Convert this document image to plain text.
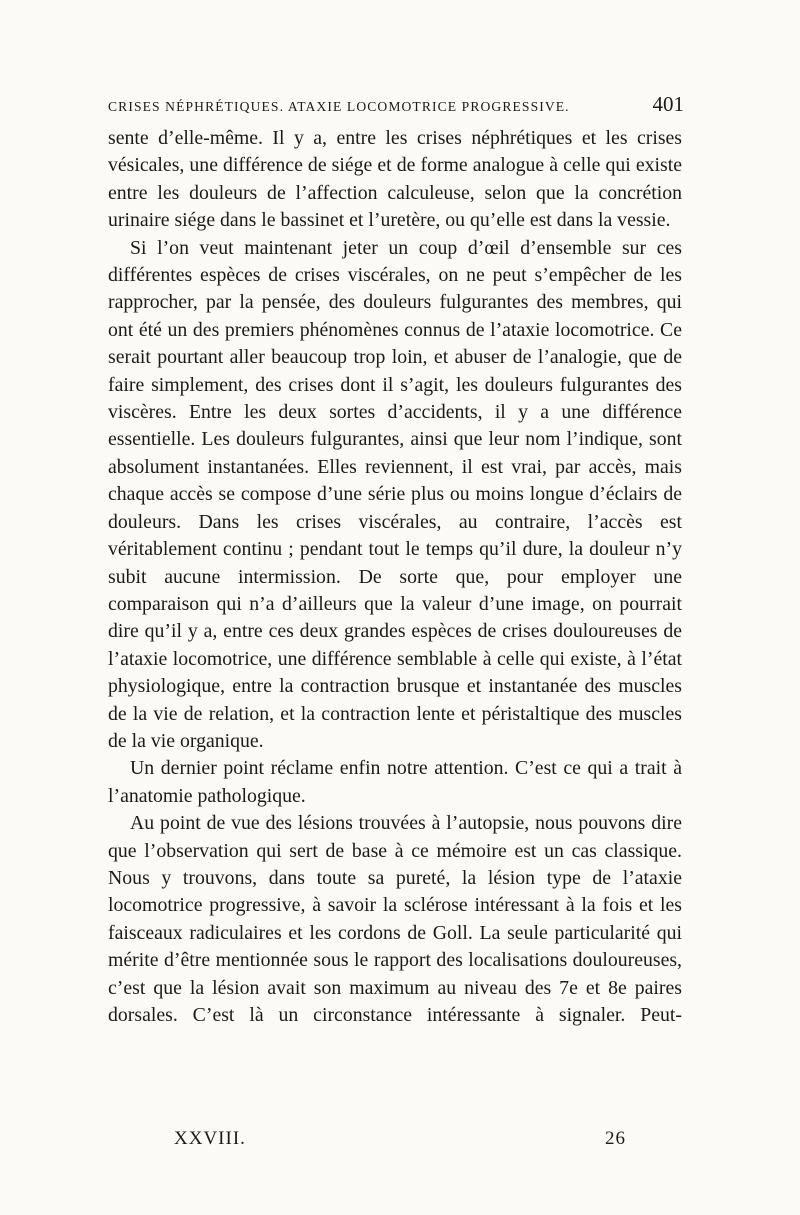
CRISES NÉPHRÉTIQUES. ATAXIE LOCOMOTRICE PROGRESSIVE.	401

sente d’elle-même. Il y a, entre les crises néphrétiques et les crises vésicales, une différence de siége et de forme analogue à celle qui existe entre les douleurs de l’affection calculeuse, selon que la concrétion urinaire siége dans le bassinet et l’uretère, ou qu’elle est dans la vessie.

Si l’on veut maintenant jeter un coup d’œil d’ensemble sur ces différentes espèces de crises viscérales, on ne peut s’empêcher de les rapprocher, par la pensée, des douleurs fulgurantes des membres, qui ont été un des premiers phénomènes connus de l’ataxie locomotrice. Ce serait pourtant aller beaucoup trop loin, et abuser de l’analogie, que de faire simplement, des crises dont il s’agit, les douleurs fulgurantes des viscères. Entre les deux sortes d’accidents, il y a une différence essentielle. Les douleurs fulgurantes, ainsi que leur nom l’indique, sont absolument instantanées. Elles reviennent, il est vrai, par accès, mais chaque accès se compose d’une série plus ou moins longue d’éclairs de douleurs. Dans les crises viscérales, au contraire, l’accès est véritablement continu ; pendant tout le temps qu’il dure, la douleur n’y subit aucune intermission. De sorte que, pour employer une comparaison qui n’a d’ailleurs que la valeur d’une image, on pourrait dire qu’il y a, entre ces deux grandes espèces de crises douloureuses de l’ataxie locomotrice, une différence semblable à celle qui existe, à l’état physiologique, entre la contraction brusque et instantanée des muscles de la vie de relation, et la contraction lente et péristaltique des muscles de la vie organique.

Un dernier point réclame enfin notre attention. C’est ce qui a trait à l’anatomie pathologique.

Au point de vue des lésions trouvées à l’autopsie, nous pouvons dire que l’observation qui sert de base à ce mémoire est un cas classique. Nous y trouvons, dans toute sa pureté, la lésion type de l’ataxie locomotrice progressive, à savoir la sclérose intéressant à la fois et les faisceaux radiculaires et les cordons de Goll. La seule particularité qui mérite d’être mentionnée sous le rapport des localisations douloureuses, c’est que la lésion avait son maximum au niveau des 7e et 8e paires dorsales. C’est là un circonstance intéressante à signaler. Peut-

XXVIII.	26
